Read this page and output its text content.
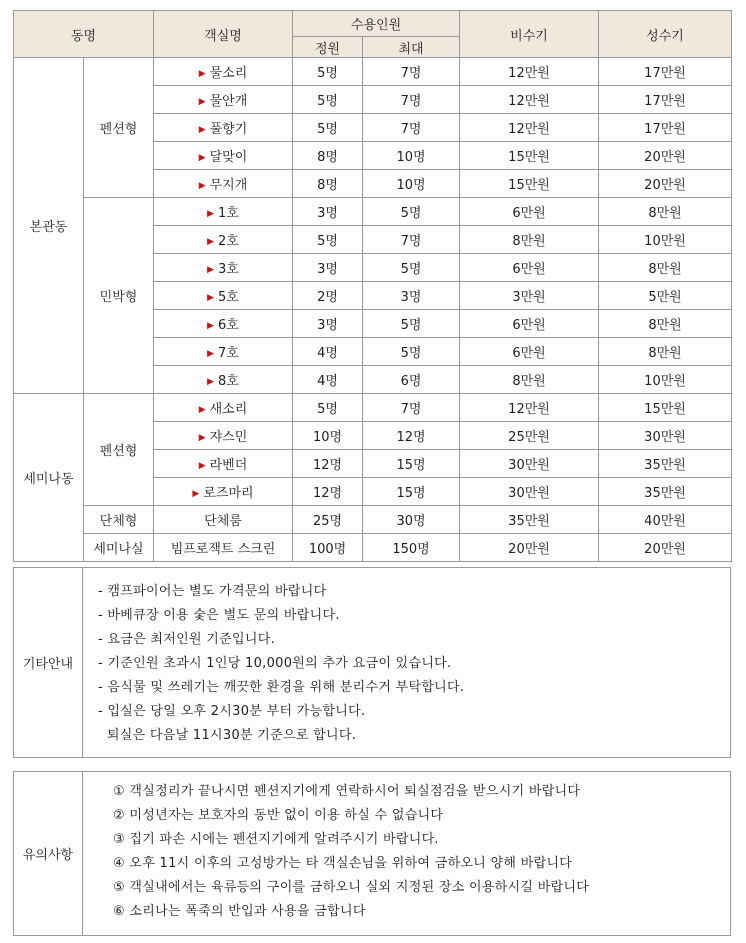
동명		객실명	수용인원		비수기	성수기
			정원	최대		
본관동	펜션형	▶ 물소리	5명	7명	12만원	17만원
		▶ 물안개	5명	7명	12만원	17만원
		▶ 풀향기	5명	7명	12만원	17만원
		▶ 달맞이	8명	10명	15만원	20만원
		▶ 무지개	8명	10명	15만원	20만원
	민박형	▶ 1호	3명	5명	6만원	8만원
		▶ 2호	5명	7명	8만원	10만원
		▶ 3호	3명	5명	6만원	8만원
		▶ 5호	2명	3명	3만원	5만원
		▶ 6호	3명	5명	6만원	8만원
		▶ 7호	4명	5명	6만원	8만원
		▶ 8호	4명	6명	8만원	10만원
세미나동	펜션형	▶ 새소리	5명	7명	12만원	15만원
		▶ 쟈스민	10명	12명	25만원	30만원
		▶ 라벤더	12명	15명	30만원	35만원
		▶ 로즈마리	12명	15명	30만원	35만원
	단체형	단체룸	25명	30명	35만원	40만원
	세미나실	빔프로잭트 스크린	100명	150명	20만원	20만원
기타안내
- 캠프파이어는 별도 가격문의 바랍니다
- 바베큐장 이용 숯은 별도 문의 바랍니다.
- 요금은 최저인원 기준입니다.
- 기준인원 초과시 1인당 10,000원의 추가 요금이 있습니다.
- 음식물 및 쓰레기는 깨끗한 환경을 위해 분리수거 부탁합니다.
- 입실은 당일 오후 2시30분 부터 가능합니다.
퇴실은 다음날 11시30분 기준으로 합니다.
유의사항
① 객실정리가 끝나시면 펜션지기에게 연락하시어 퇴실점검을 받으시기 바랍니다
② 미성년자는 보호자의 동반 없이 이용 하실 수 없습니다
③ 집기 파손 시에는 펜션지기에게 알려주시기 바랍니다.
④ 오후 11시 이후의 고성방가는 타 객실손님을 위하여 금하오니 양해 바랍니다
⑤ 객실내에서는 육류등의 구이를 금하오니 실외 지정된 장소 이용하시길 바랍니다
⑥ 소리나는 폭죽의 반입과 사용을 금합니다
